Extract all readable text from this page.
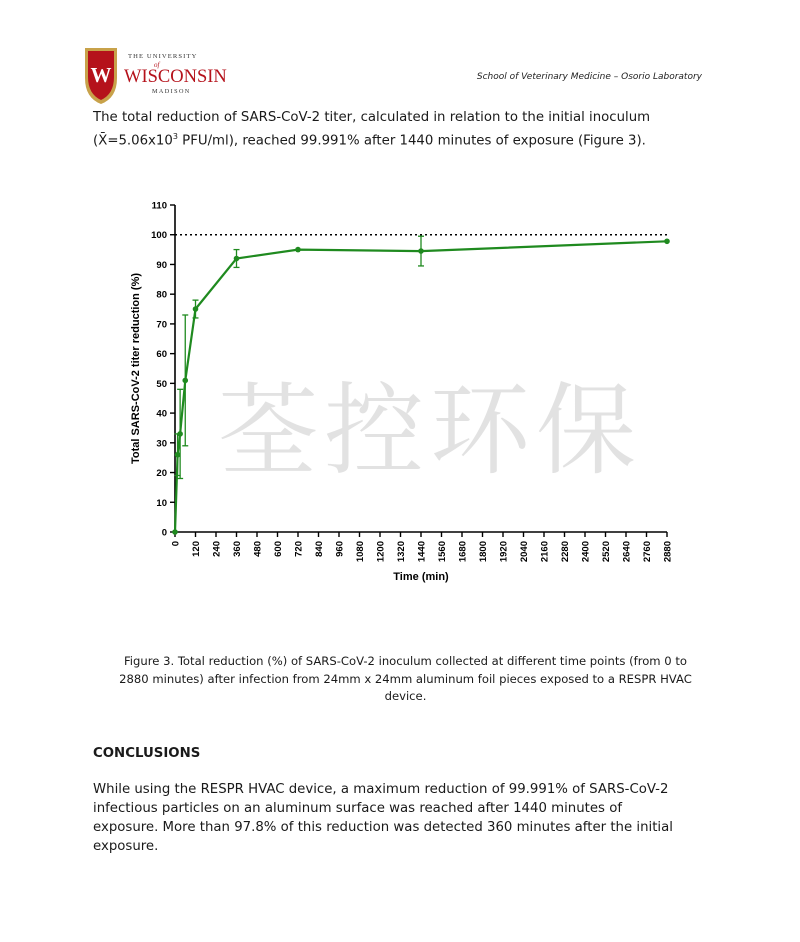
W
THE UNIVERSITY
of
WISCONSIN
MADISON
School of Veterinary Medicine – Osorio Laboratory
The total reduction of SARS-CoV-2 titer, calculated in relation to the initial inoculum
($X̄=5.06x10^3$ PFU/ml), reached 99.991% after 1440 minutes of exposure (Figure 3).
荃控环保
0
10
20
30
40
50
60
70
80
90
100
110
0 120 240 360 480 600 720 840 960 1080 1200 1320 1440 1560 1680 1800 1920 2040 2160 2280 2400 2520 2640 2760 2880
Total SARS-CoV-2 titer reduction (%)
Time (min)
Figure 3. Total reduction (%) of SARS-CoV-2 inoculum collected at different time points (from 0 to
2880 minutes) after infection from 24mm x 24mm aluminum foil pieces exposed to a RESPR HVAC
device.
CONCLUSIONS
While using the RESPR HVAC device, a maximum reduction of 99.991% of SARS-CoV-2
infectious particles on an aluminum surface was reached after 1440 minutes of
exposure. More than 97.8% of this reduction was detected 360 minutes after the initial
exposure.
